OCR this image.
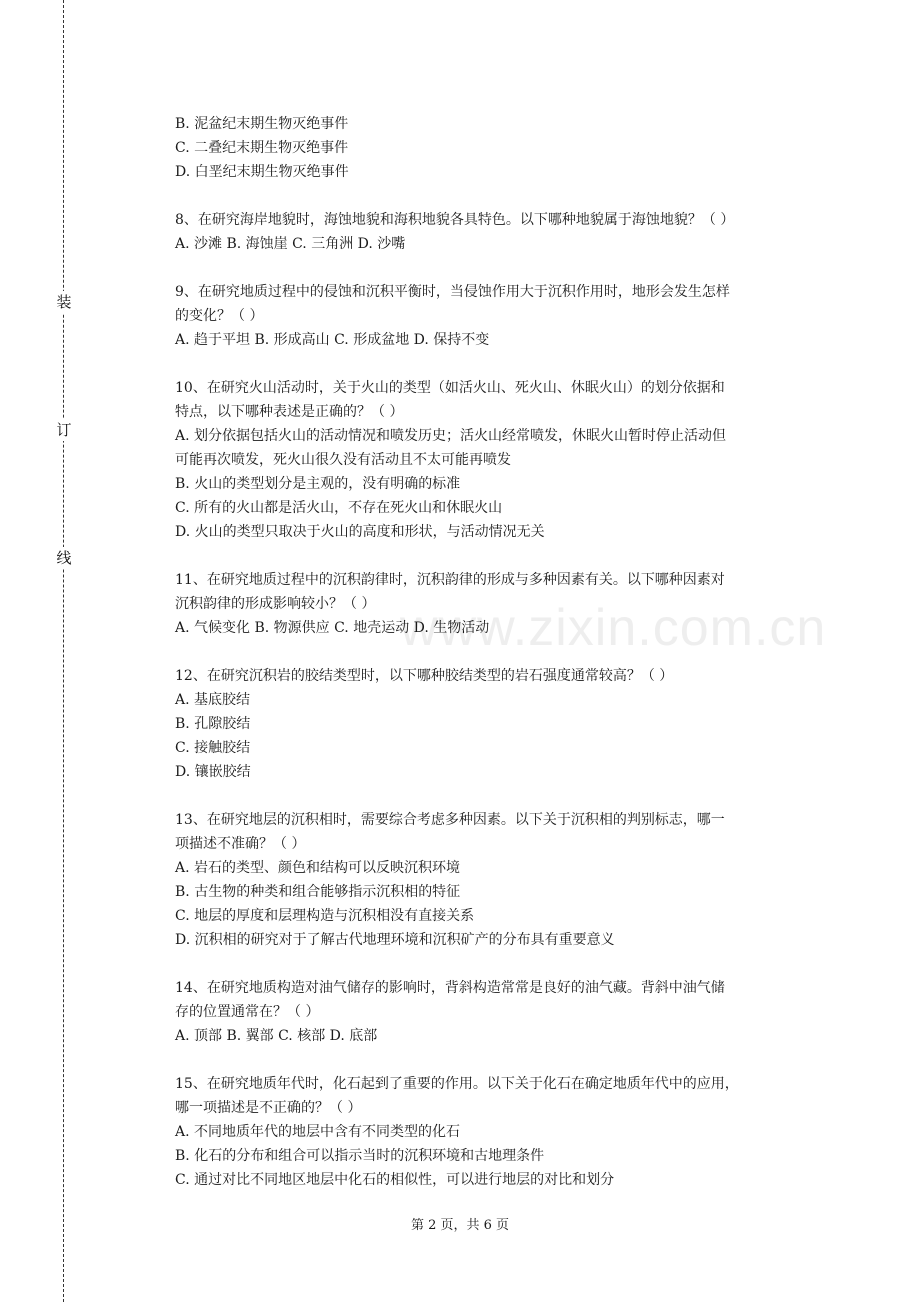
装
订
线
www.zixin.com.cn
B. 泥盆纪末期生物灭绝事件
C. 二叠纪末期生物灭绝事件
D. 白垩纪末期生物灭绝事件
8、在研究海岸地貌时，海蚀地貌和海积地貌各具特色。以下哪种地貌属于海蚀地貌？（ ）
A. 沙滩 B. 海蚀崖 C. 三角洲 D. 沙嘴
9、在研究地质过程中的侵蚀和沉积平衡时，当侵蚀作用大于沉积作用时，地形会发生怎样
的变化？（ ）
A. 趋于平坦 B. 形成高山 C. 形成盆地 D. 保持不变
10、在研究火山活动时，关于火山的类型（如活火山、死火山、休眠火山）的划分依据和
特点，以下哪种表述是正确的？（ ）
A. 划分依据包括火山的活动情况和喷发历史；活火山经常喷发，休眠火山暂时停止活动但
可能再次喷发，死火山很久没有活动且不太可能再喷发
B. 火山的类型划分是主观的，没有明确的标准
C. 所有的火山都是活火山，不存在死火山和休眠火山
D. 火山的类型只取决于火山的高度和形状，与活动情况无关
11、在研究地质过程中的沉积韵律时，沉积韵律的形成与多种因素有关。以下哪种因素对
沉积韵律的形成影响较小？（ ）
A. 气候变化 B. 物源供应 C. 地壳运动 D. 生物活动
12、在研究沉积岩的胶结类型时，以下哪种胶结类型的岩石强度通常较高？（ ）
A. 基底胶结
B. 孔隙胶结
C. 接触胶结
D. 镶嵌胶结
13、在研究地层的沉积相时，需要综合考虑多种因素。以下关于沉积相的判别标志，哪一
项描述不准确？（ ）
A. 岩石的类型、颜色和结构可以反映沉积环境
B. 古生物的种类和组合能够指示沉积相的特征
C. 地层的厚度和层理构造与沉积相没有直接关系
D. 沉积相的研究对于了解古代地理环境和沉积矿产的分布具有重要意义
14、在研究地质构造对油气储存的影响时，背斜构造常常是良好的油气藏。背斜中油气储
存的位置通常在？（ ）
A. 顶部 B. 翼部 C. 核部 D. 底部
15、在研究地质年代时，化石起到了重要的作用。以下关于化石在确定地质年代中的应用，
哪一项描述是不正确的？（ ）
A. 不同地质年代的地层中含有不同类型的化石
B. 化石的分布和组合可以指示当时的沉积环境和古地理条件
C. 通过对比不同地区地层中化石的相似性，可以进行地层的对比和划分
第 2 页，共 6 页
